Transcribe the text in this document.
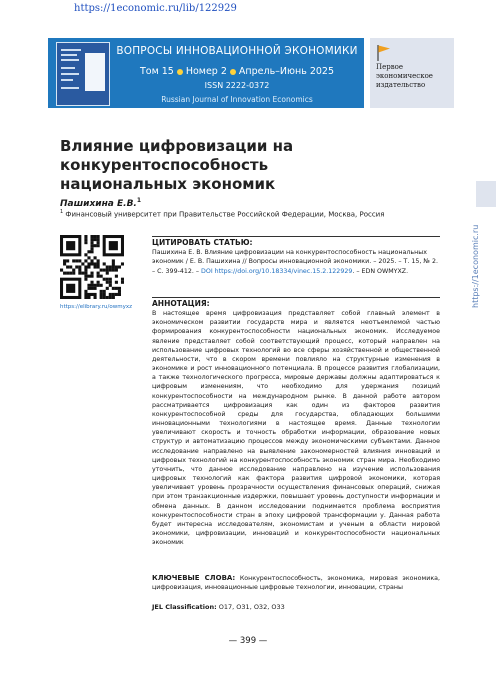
https://1economic.ru/lib/122929
ВОПРОСЫ ИННОВАЦИОННОЙ ЭКОНОМИКИ
Том 15 Номер 2 Апрель–Июнь 2025
ISSN 2222-0372
Russian Journal of Innovation Economics
Первое экономическое издательство
https://1economic.ru
Влияние цифровизации на конкурентоспособность национальных экономик
Пашихина Е.В.$^1$
$^1$ Финансовый университет при Правительстве Российской Федерации, Москва, Россия
https://elibrary.ru/owmyxz
ЦИТИРОВАТЬ СТАТЬЮ:
Пашихина Е. В. Влияние цифровизации на конкурентоспособность национальных экономик / Е. В. Пашихина // Вопросы инновационной экономики. – 2025. – Т. 15, № 2. – С. 399-412. – DOI https://doi.org/10.18334/vinec.15.2.122929. – EDN OWMYXZ.
АННОТАЦИЯ:
В настоящее время цифровизация представляет собой главный элемент в экономическом развитии государств мира и является неотъемлемой частью формирования конкурентоспособности национальных экономик. Исследуемое явление представляет собой соответствующий процесс, который направлен на использование цифровых технологий во все сферы хозяйственной и общественной деятельности, что в скором времени повлияло на структурные изменения в экономике и рост инновационного потенциала. В процессе развития глобализации, а также технологического прогресса, мировые державы должны адаптироваться к цифровым изменениям, что необходимо для удержания позиций конкурентоспособности на международном рынке. В данной работе автором рассматривается цифровизация как один из факторов развития конкурентоспособной среды для государства, обладающих большими инновационными технологиями в настоящее время. Данные технологии увеличивают скорость и точность обработки информации, образование новых структур и автоматизацию процессов между экономическими субъектами. Данное исследование направлено на выявление закономерностей влияния инноваций и цифровых технологий на конкурентоспособность экономик стран мира. Необходимо уточнить, что данное исследование направлено на изучение использования цифровых технологий как фактора развития цифровой экономики, которая увеличивает уровень прозрачности осуществления финансовых операций, снижая при этом транзакционные издержки, повышает уровень доступности информации и обмена данных. В данном исследовании поднимается проблема восприятия конкурентоспособности стран в эпоху цифровой трансформации у. Данная работа будет интересна исследователям, экономистам и ученым в области мировой экономики, цифровизации, инноваций и конкурентоспособности национальных экономик
КЛЮЧЕВЫЕ СЛОВА: Конкурентоспособность, экономика, мировая экономика, цифровизация, инновационные цифровые технологии, инновации, страны
JEL Classification: O17, O31, O32, O33
— 399 —
